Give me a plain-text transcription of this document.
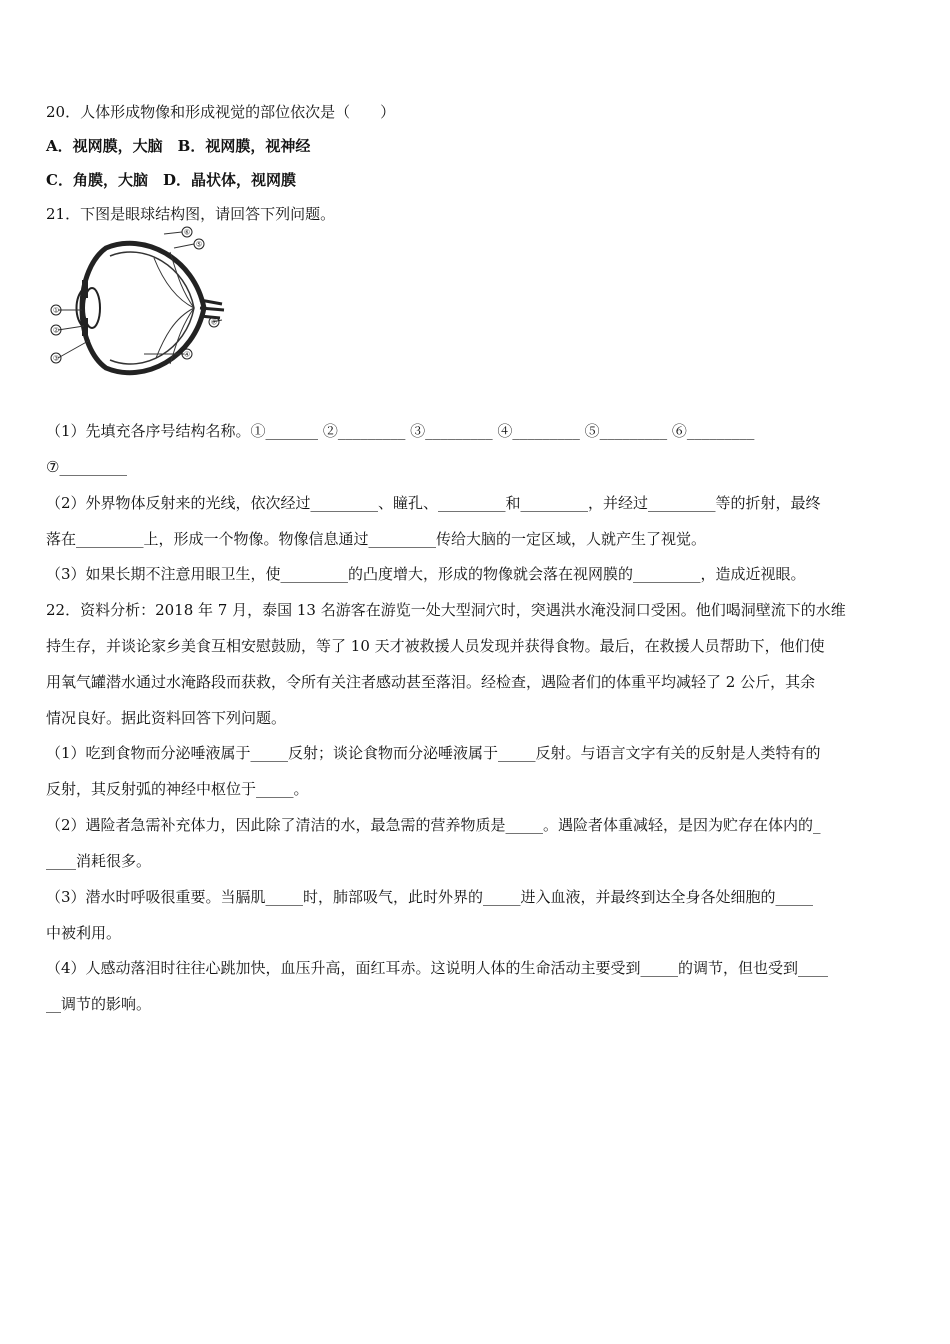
20．人体形成物像和形成视觉的部位依次是（　　）
A．视网膜，大脑　B．视网膜，视神经
C．角膜，大脑　D．晶状体，视网膜
21．下图是眼球结构图，请回答下列问题。
①
②
③	④
⑤
⑥
⑦
（1）先填充各序号结构名称。①_______ ②_________ ③_________ ④_________ ⑤_________ ⑥_________
⑦_________
（2）外界物体反射来的光线，依次经过_________、瞳孔、_________和_________，并经过_________等的折射，最终
落在_________上，形成一个物像。物像信息通过_________传给大脑的一定区域，人就产生了视觉。
（3）如果长期不注意用眼卫生，使_________的凸度增大，形成的物像就会落在视网膜的_________，造成近视眼。
22．资料分析：2018 年 7 月，泰国 13 名游客在游览一处大型洞穴时，突遇洪水淹没洞口受困。他们喝洞壁流下的水维
持生存，并谈论家乡美食互相安慰鼓励，等了 10 天才被救援人员发现并获得食物。最后，在救援人员帮助下，他们使
用氧气罐潜水通过水淹路段而获救，令所有关注者感动甚至落泪。经检查，遇险者们的体重平均减轻了 2 公斤，其余
情况良好。据此资料回答下列问题。
（1）吃到食物而分泌唾液属于_____反射；谈论食物而分泌唾液属于_____反射。与语言文字有关的反射是人类特有的
反射，其反射弧的神经中枢位于_____。
（2）遇险者急需补充体力，因此除了清洁的水，最急需的营养物质是_____。遇险者体重减轻，是因为贮存在体内的_
____消耗很多。
（3）潜水时呼吸很重要。当膈肌_____时，肺部吸气，此时外界的_____进入血液，并最终到达全身各处细胞的_____
中被利用。
（4）人感动落泪时往往心跳加快，血压升高，面红耳赤。这说明人体的生命活动主要受到_____的调节，但也受到____
__调节的影响。
